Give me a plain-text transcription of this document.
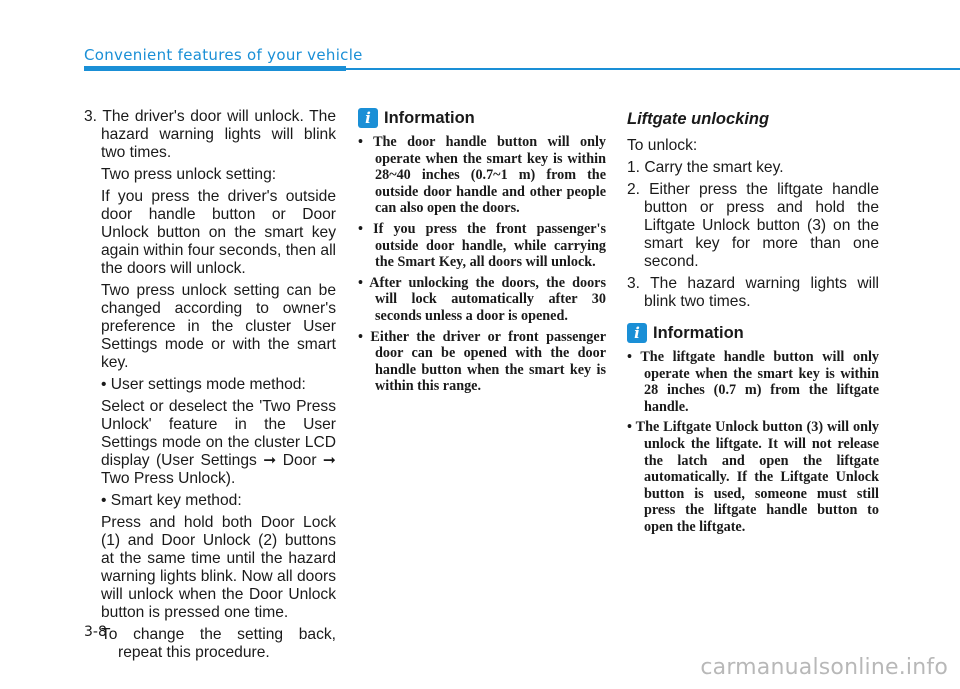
Convenient features of your vehicle

3. The driver's door will unlock. The hazard warning lights will blink two times.

Two press unlock setting:

If you press the driver's outside door handle button or Door Unlock button on the smart key again within four seconds, then all the doors will unlock.

Two press unlock setting can be changed according to owner's preference in the cluster User Settings mode or with the smart key.

• User settings mode method:

Select or deselect the 'Two Press Unlock' feature in the User Settings mode on the cluster LCD display (User Settings ➞ Door ➞ Two Press Unlock).

• Smart key method:

Press and hold both Door Lock (1) and Door Unlock (2) buttons at the same time until the hazard warning lights blink. Now all doors will unlock when the Door Unlock button is pressed one time.

To change the setting back, repeat this procedure.

i Information

• The door handle button will only operate when the smart key is within 28~40 inches (0.7~1 m) from the outside door handle and other people can also open the doors.

• If you press the front passenger's outside door handle, while carrying the Smart Key, all doors will unlock.

• After unlocking the doors, the doors will lock automatically after 30 seconds unless a door is opened.

• Either the driver or front passenger door can be opened with the door handle button when the smart key is within this range.

Liftgate unlocking

To unlock:

1. Carry the smart key.

2. Either press the liftgate handle button or press and hold the Liftgate Unlock button (3) on the smart key for more than one second.

3. The hazard warning lights will blink two times.

i Information

• The liftgate handle button will only operate when the smart key is within 28 inches (0.7 m) from the liftgate handle.

• The Liftgate Unlock button (3) will only unlock the liftgate. It will not release the latch and open the liftgate automatically. If the Liftgate Unlock button is used, someone must still press the liftgate handle button to open the liftgate.

3-8
carmanualsonline.info
